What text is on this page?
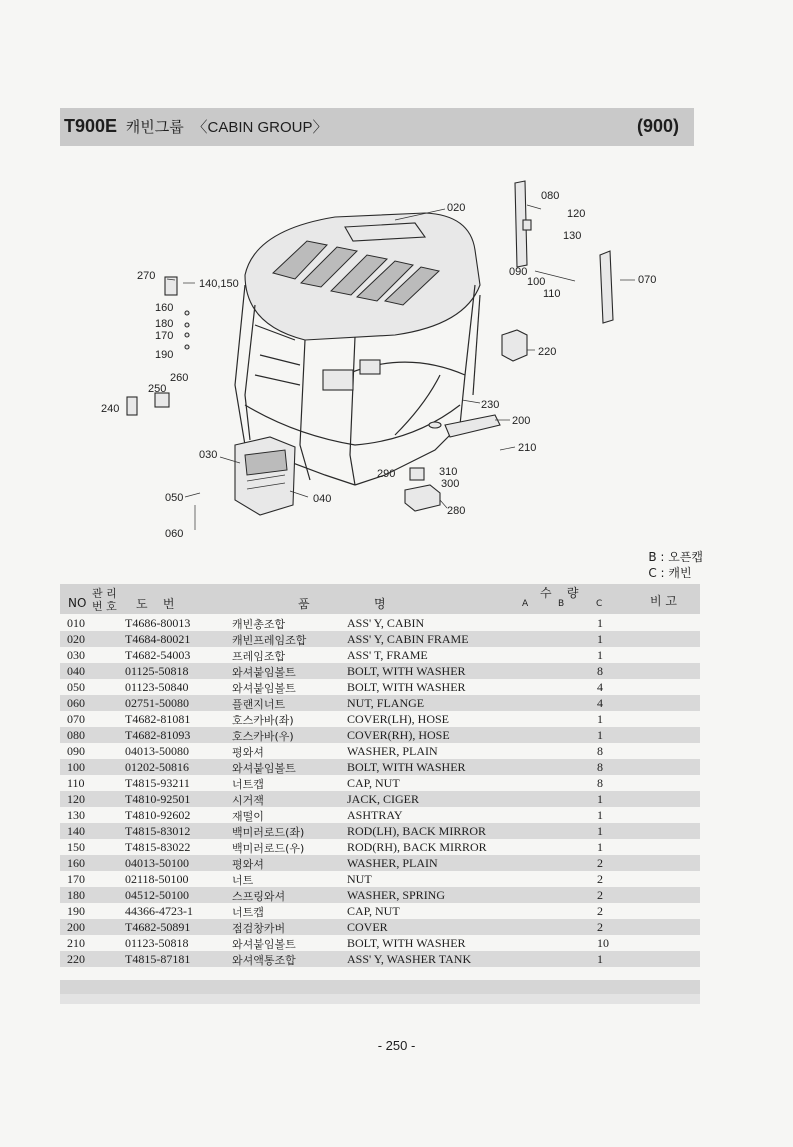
T900E 캐빈그룹 〈CABIN GROUP〉	(900)
020
080
120
130
090
100
110
070
220
270
140,150
160
180
170
190
260
250
240	230
200
210
030
050	040
060
290	310
300
280
B : 오픈캡
C : 캐빈
NO
관 리
번 호 도    번	품	명
수    량
A	B	C	비 고
010	T4686-80013	캐빈총조합	ASS' Y, CABIN	1
020	T4684-80021	캐빈프레임조합	ASS' Y, CABIN FRAME	1
030	T4682-54003	프레임조합	ASS' T, FRAME	1
040	01125-50818	와셔붙임볼트	BOLT, WITH WASHER	8
050	01123-50840	와셔붙임볼트	BOLT, WITH WASHER	4
060	02751-50080	플랜지너트	NUT, FLANGE	4
070	T4682-81081	호스카바(좌)	COVER(LH), HOSE	1
080	T4682-81093	호스카바(우)	COVER(RH), HOSE	1
090	04013-50080	평와셔	WASHER, PLAIN	8
100	01202-50816	와셔붙임볼트	BOLT, WITH WASHER	8
110	T4815-93211	너트캡	CAP, NUT	8
120	T4810-92501	시거잭	JACK, CIGER	1
130	T4810-92602	재떨이	ASHTRAY	1
140	T4815-83012	백미러로드(좌)	ROD(LH), BACK MIRROR	1
150	T4815-83022	백미러로드(우)	ROD(RH), BACK MIRROR	1
160	04013-50100	평와셔	WASHER, PLAIN	2
170	02118-50100	너트	NUT	2
180	04512-50100	스프링와셔	WASHER, SPRING	2
190	44366-4723-1	너트캡	CAP, NUT	2
200	T4682-50891	점검창카버	COVER	2
210	01123-50818	와셔붙임볼트	BOLT, WITH WASHER	10
220	T4815-87181	와셔액통조합	ASS' Y, WASHER TANK	1
- 250 -
